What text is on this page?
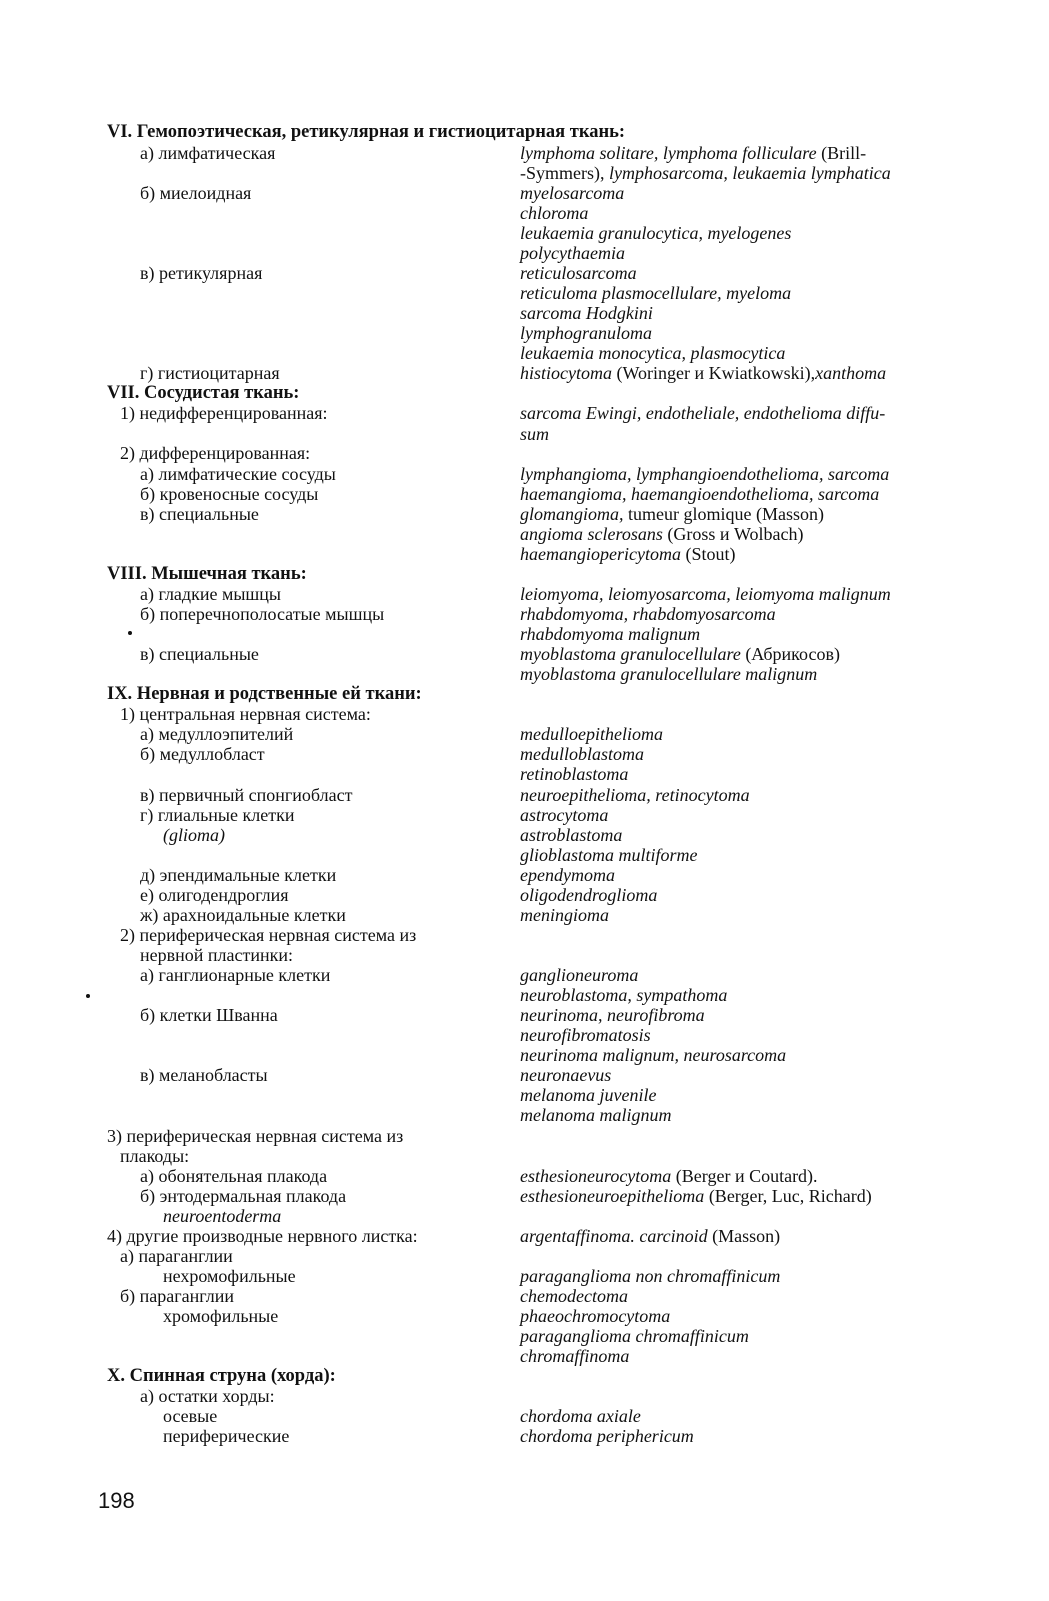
198
VI. Гемопоэтическая, ретикулярная и гистиоцитарная ткань:
а) лимфатическая	lymphoma solitare, lymphoma folliculare (Brill-
-Symmers), lymphosarcoma, leukaemia lymphatica
б) миелоидная	myelosarcoma
chloroma
leukaemia granulocytica, myelogenes
polycythaemia
в) ретикулярная	reticulosarcoma
reticuloma plasmocellulare, myeloma
sarcoma Hodgkini
lymphogranuloma
leukaemia monocytica, plasmocytica
г) гистиоцитарная	histiocytoma (Woringer и Kwiatkowski),xanthoma
VII. Сосудистая ткань:
1) недифференцированная:	sarcoma Ewingi, endotheliale, endothelioma diffu-
sum
2) дифференцированная:
а) лимфатические сосуды	lymphangioma, lymphangioendothelioma, sarcoma
б) кровеносные сосуды	haemangioma, haemangioendothelioma, sarcoma
в) специальные	glomangioma, tumeur glomique (Masson)
angioma sclerosans (Gross и Wolbach)
haemangiopericytoma (Stout)
VIII. Мышечная ткань:
а) гладкие мышцы	leiomyoma, leiomyosarcoma, leiomyoma malignum
б) поперечнополосатые мышцы	rhabdomyoma, rhabdomyosarcoma
rhabdomyoma malignum
в) специальные	myoblastoma granulocellulare (Абрикосов)
myoblastoma granulocellulare malignum
IX. Нервная и родственные ей ткани:
1) центральная нервная система:
а) медуллоэпителий	medulloepithelioma
б) медуллобласт	medulloblastoma
retinoblastoma
в) первичный спонгиобласт	neuroepithelioma, retinocytoma
г) глиальные клетки	astrocytoma
(glioma)	astroblastoma
glioblastoma multiforme
д) эпендимальные клетки	ependymoma
е) олигодендроглия	oligodendroglioma
ж) арахноидальные клетки	meningioma
2) периферическая нервная система из
нервной пластинки:
а) ганглионарные клетки	ganglioneuroma
neuroblastoma, sympathoma
б) клетки Шванна	neurinoma, neurofibroma
neurofibromatosis
neurinoma malignum, neurosarcoma
в) меланобласты	neuronaevus
melanoma juvenile
melanoma malignum
3) периферическая нервная система из
плакоды:
а) обонятельная плакода	esthesioneurocytoma (Berger и Coutard).
б) энтодермальная плакода	esthesioneuroepithelioma (Berger, Luc, Richard)
neuroentoderma
4) другие производные нервного листка:	argentaffinoma. carcinoid (Masson)
а) параганглии
нехромофильные	paraganglioma non chromaffinicum
б) параганглии	chemodectoma
хромофильные	phaeochromocytoma
paraganglioma chromaffinicum
chromaffinoma
X. Спинная струна (хорда):
а) остатки хорды:
осевые	chordoma axiale
периферические	chordoma periphericum
